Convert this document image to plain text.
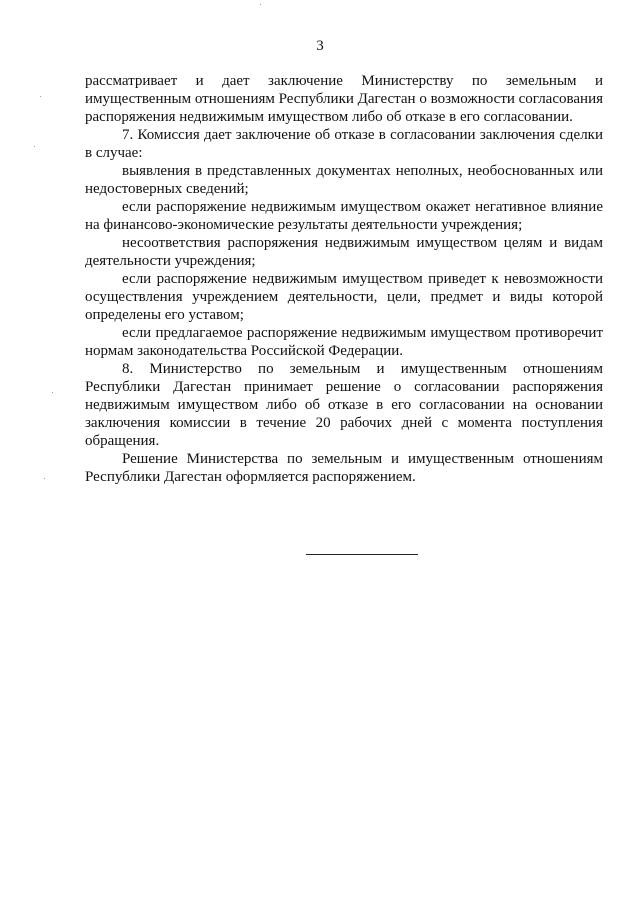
3

рассматривает и дает заключение Министерству по земельным и имущественным отношениям Республики Дагестан о возможности согласования распоряжения недвижимым имуществом либо об отказе в его согласовании.

7. Комиссия дает заключение об отказе в согласовании заключения сделки в случае:

выявления в представленных документах неполных, необоснованных или недостоверных сведений;

если распоряжение недвижимым имуществом окажет негативное влияние на финансово-экономические результаты деятельности учреждения;

несоответствия распоряжения недвижимым имуществом целям и видам деятельности учреждения;

если распоряжение недвижимым имуществом приведет к невозможности осуществления учреждением деятельности, цели, предмет и виды которой определены его уставом;

если предлагаемое распоряжение недвижимым имуществом противоречит нормам законодательства Российской Федерации.

8. Министерство по земельным и имущественным отношениям Республики Дагестан принимает решение о согласовании распоряжения недвижимым имуществом либо об отказе в его согласовании на основании заключения комиссии в течение 20 рабочих дней с момента поступления обращения.

Решение Министерства по земельным и имущественным отношениям Республики Дагестан оформляется распоряжением.
